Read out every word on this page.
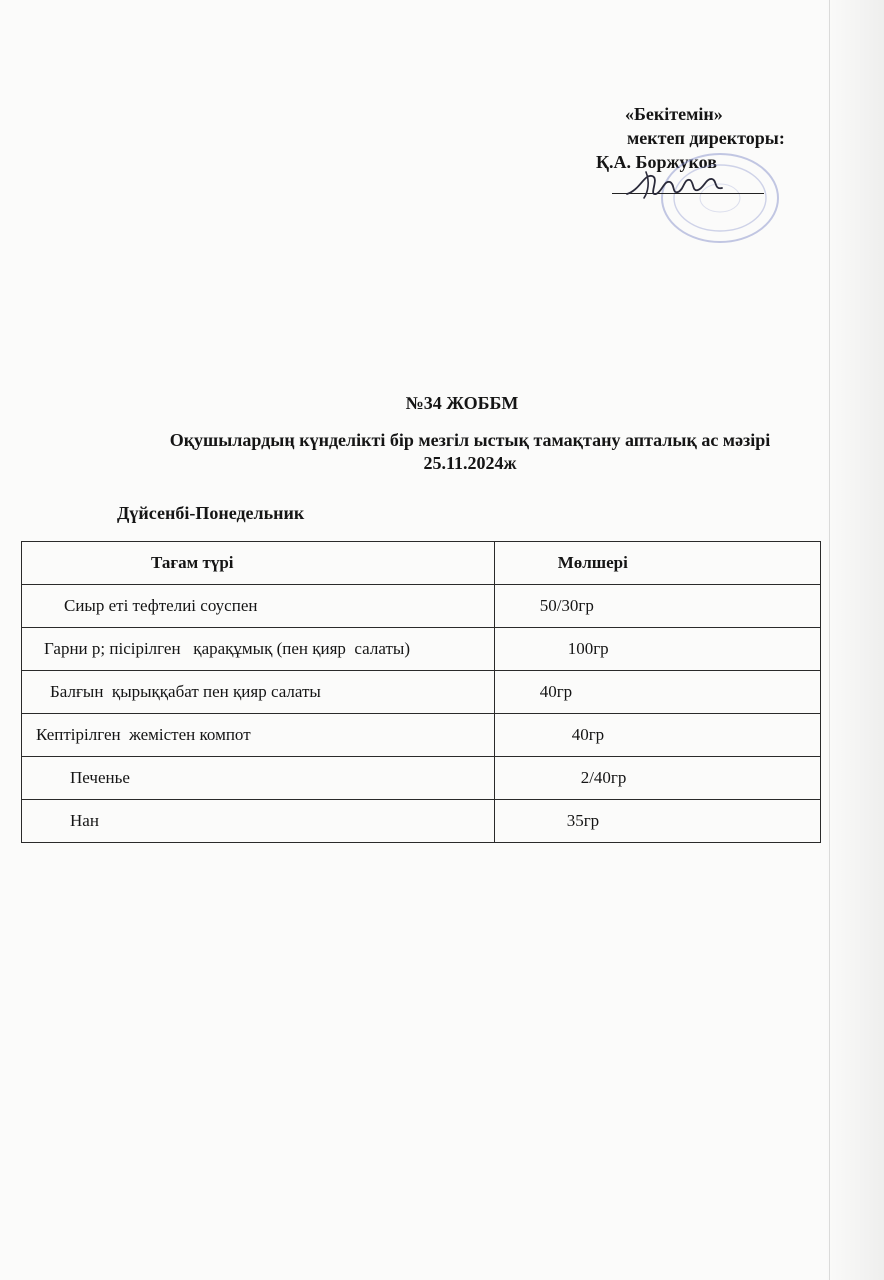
«Бекітемін»
мектеп директоры:
Қ.А. Боржуков
№34 ЖОББМ
Оқушылардың күнделікті бір мезгіл ыстық тамақтану апталық ас мәзірі
25.11.2024ж
Дүйсенбі-Понедельник
Тағам түрі	Мөлшері
Сиыр еті тефтелиі соуспен	50/30гр
Гарни р; пісірілген   қарақұмық (пен қияр  салаты)	100гр
Балғын  қырыққабат пен қияр салаты	40гр
Кептірілген  жемістен компот	40гр
Печенье	2/40гр
Нан	35гр
